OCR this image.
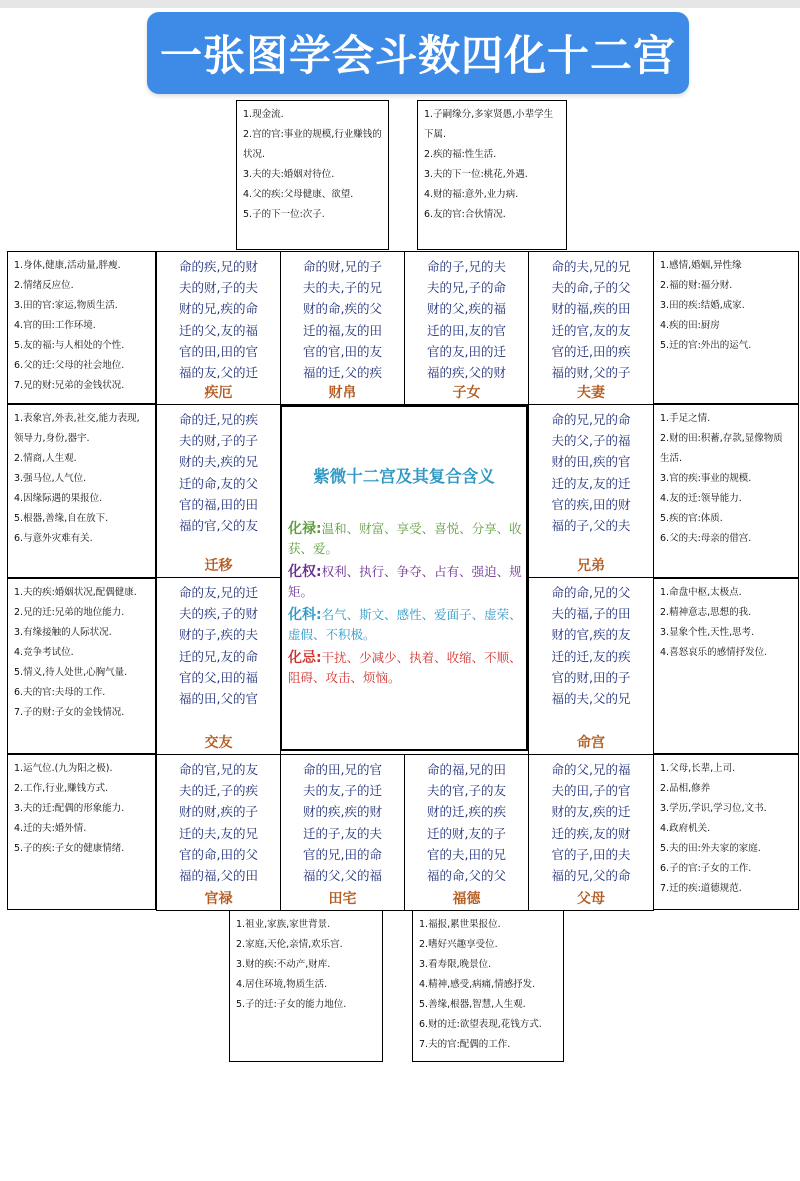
一张图学会斗数四化十二宫
1.现金流.
2.宫的官:事业的规模,行业赚钱的状况.
3.夫的夫:婚姻对待位.
4.父的疾:父母健康、欲望.
5.子的下一位:次子.
1.子嗣缘分,多家贤愚,小辈学生下属.
2.疾的福:性生活.
3.夫的下一位:桃花,外遇.
4.财的福:意外,业力病.
6.友的官:合伙情况.
1.身体,健康,活动量,胖瘦.
2.情绪反应位.
3.田的官:家运,物质生活.
4.官的田:工作环境.
5.友的福:与人相处的个性.
6.父的迁:父母的社会地位.
7.兄的财:兄弟的金钱状况.
1.感情,婚姻,异性缘
2.福的财:福分财.
3.田的疾:结婚,成家.
4.疾的田:厨房
5.迁的官:外出的运气.
1.表象宫,外表,社交,能力表现,领导力,身份,器宇.
2.情商,人生观.
3.强马位,人气位.
4.因缘际遇的果报位.
5.根器,善缘,自在放下.
6.与意外灾难有关.
1.手足之情.
2.财的田:积蓄,存款,显像物质生活.
3.官的疾:事业的规模.
4.友的迁:领导能力.
5.疾的官:体质.
6.父的夫:母亲的借宫.
1.夫的疾:婚姻状况,配偶健康.
2.兄的迁:兄弟的地位能力.
3.有缘接触的人际状况.
4.竞争考试位.
5.情义,待人处世,心胸气量.
6.夫的官:夫母的工作.
7.子的财:子女的金钱情况.
1.命盘中枢,太极点.
2.精神意志,思想的我.
3.显象个性,天性,思考.
4.喜怒哀乐的感情抒发位.
1.运气位.(九为阳之极).
2.工作,行业,赚钱方式.
3.夫的迁:配偶的形象能力.
4.迁的夫:婚外情.
5.子的疾:子女的健康情绪.
1.父母,长辈,上司.
2.品相,修养
3.学历,学识,学习位,文书.
4.政府机关.
5.夫的田:外夫家的家庭.
6.子的官:子女的工作.
7.迁的疾:道德规范.
1.祖业,家族,家世背景.
2.家庭,天伦,亲情,欢乐宫.
3.财的疾:不动产,财库.
4.居住环境,物质生活.
5.子的迁:子女的能力地位.
1.福报,累世果报位.
2.嗜好兴趣享受位.
3.看寿限,晚景位.
4.精神,感受,病痛,情感抒发.
5.善缘,根器,智慧,人生观.
6.财的迁:欲望表现,花钱方式.
7.夫的官:配偶的工作.
命的疾,兄的财
夫的财,子的夫
财的兄,疾的命
迁的父,友的福
官的田,田的官
福的友,父的迁
疾厄
命的财,兄的子
夫的夫,子的兄
财的命,疾的父
迁的福,友的田
官的官,田的友
福的迁,父的疾
财帛
命的子,兄的夫
夫的兄,子的命
财的父,疾的福
迁的田,友的官
官的友,田的迁
福的疾,父的财
子女
命的夫,兄的兄
夫的命,子的父
财的福,疾的田
迁的官,友的友
官的迁,田的疾
福的财,父的子
夫妻
命的迁,兄的疾
夫的财,子的子
财的夫,疾的兄
迁的命,友的父
官的福,田的田
福的官,父的友
迁移
命的兄,兄的命
夫的父,子的福
财的田,疾的官
迁的友,友的迁
官的疾,田的财
福的子,父的夫
兄弟
命的友,兄的迁
夫的疾,子的财
财的子,疾的夫
迁的兄,友的命
官的父,田的福
福的田,父的官
交友
命的命,兄的父
夫的福,子的田
财的官,疾的友
迁的迁,友的疾
官的财,田的子
福的夫,父的兄
命宫
命的官,兄的友
夫的迁,子的疾
财的财,疾的子
迁的夫,友的兄
官的命,田的父
福的福,父的田
官禄
命的田,兄的官
夫的友,子的迁
财的疾,疾的财
迁的子,友的夫
官的兄,田的命
福的父,父的福
田宅
命的福,兄的田
夫的官,子的友
财的迁,疾的疾
迁的财,友的子
官的夫,田的兄
福的命,父的父
福德
命的父,兄的福
夫的田,子的官
财的友,疾的迁
迁的疾,友的财
官的子,田的夫
福的兄,父的命
父母
紫微十二宫及其复合含义
化禄:温和、财富、享受、喜悦、分享、收获、爱。
化权:权利、执行、争夺、占有、强迫、规矩。
化科:名气、斯文、感性、爱面子、虚荣、虚假、不积极。
化忌:干扰、少减少、执着、收缩、不顺、阻碍、攻击、烦恼。
